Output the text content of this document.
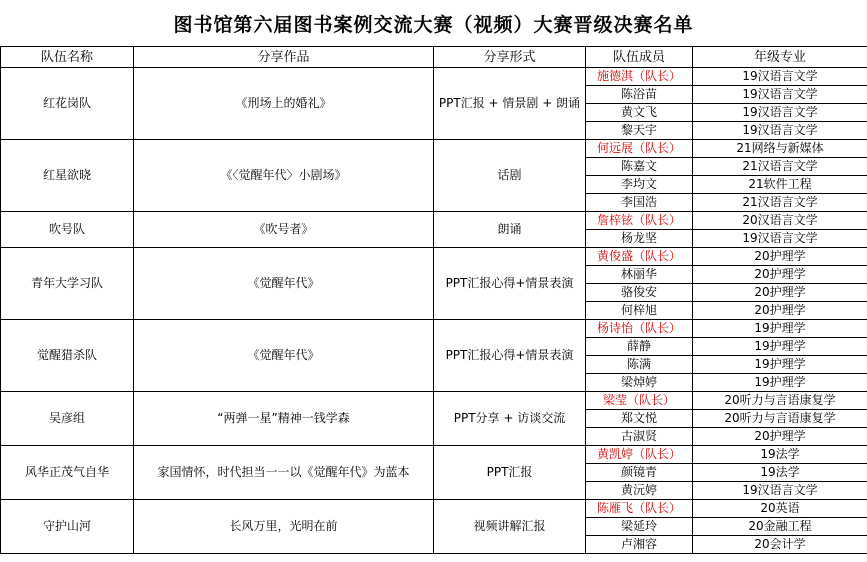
图书馆第六届图书案例交流大赛（视频）大赛晋级决赛名单
队伍名称	分享作品	分享形式	队伍成员	年级专业
红花岗队	《刑场上的婚礼》	PPT汇报 + 情景剧 + 朗诵	施德淇（队长）	19汉语言文学
			陈浴苗	19汉语言文学
			黄文飞	19汉语言文学
			黎天宇	19汉语言文学
红星欲晓	《〈觉醒年代〉小剧场》	话剧	何远展（队长）	21网络与新媒体
			陈嘉文	21汉语言文学
			李均文	21软件工程
			李国浩	21汉语言文学
吹号队	《吹号者》	朗诵	詹梓铉（队长）	20汉语言文学
			杨龙坚	19汉语言文学
青年大学习队	《觉醒年代》	PPT汇报心得+情景表演	黄俊盛（队长）	20护理学
			林丽华	20护理学
			骆俊安	20护理学
			何梓旭	20护理学
觉醒猎杀队	《觉醒年代》	PPT汇报心得+情景表演	杨诗怡（队长）	19护理学
			薛静	19护理学
			陈满	19护理学
			梁焯婷	19护理学
吴彦组	“两弹一星”精神一钱学森	PPT分享 + 访谈交流	梁莹（队长）	20听力与言语康复学
			郑文悦	20听力与言语康复学
			古淑贤	20护理学
风华正茂气自华	家国情怀，时代担当一一以《觉醒年代》为蓝本	PPT汇报	黄凯婷（队长）	19法学
			颜镜青	19法学
			黄沅婷	19汉语言文学
守护山河	长风万里，光明在前	视频讲解汇报	陈雁飞（队长）	20英语
			梁延玲	20金融工程
			卢湘容	20会计学
